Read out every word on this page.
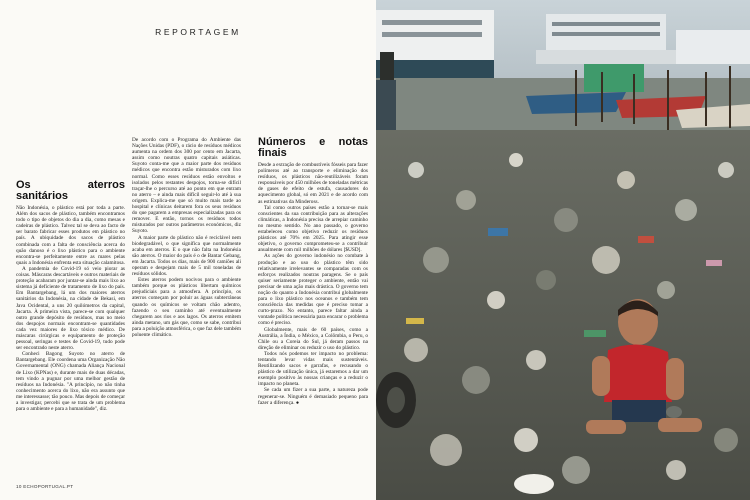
REPORTAGEM
Os aterros sanitários

Não Indonésia, o plástico está por toda a parte. Além dos sacos de plástico, também encontramos todo o tipo de objetos do dia a dia, como mesas e cadeiras de plástico. Talvez tal se deva ao facto de ser barato fabricar esses produtos em plástico no país. A ubiquidade dos sacos de plástico combinada com a falta de consciência acerca do quão danoso é o lixo plástico para o ambiente encontra-se perfeitamente entre as mares pelas quais a Indonésia enfrenta esta situação calamitosa.

A pandemia de Covid-19 só veio piorar as coisas. Máscaras descartáveis e outros materiais de proteção acabaram por juntar-se ainda mais lixo ao sistema já deficiente de tratamento de lixo do país. Em Bantargebang, lá um dos maiores aterros sanitários da Indonésia, na cidade de Bekasi, em Java Ocidental, a uns 20 quilómetros da capital, Jacarta. À primeira vista, parece-se com qualquer outro grande depósito de resíduos, mas no meio dos despojos normais encontram-se quantidades cada vez maiores de lixo tóxico médico. De máscaras cirúrgicas e equipamento de proteção pessoal, seringas e testes de Covid-19, tudo pode ser encontrado neste aterro.

Conheci Bagong Suyoto no aterro de Bantargebang. Ele coordena uma Organização Não Governamental (ONG) chamada Aliança Nacional de Lixo (KPNas) e, durante mais de duas décadas, tem vindo a pugnar por uma melhor gestão de resíduos na Indonésia. "A princípio, no não tinha conhecimento acerca do lixo, não era assunto que me interessasse; tão pouco. Mas depois de começar a investigar, percebi que se trata de um problema para o ambiente e para a humanidade", diz.

De acordo com o Programa do Ambiente das Nações Unidas (PDF), o rácio de resíduos médicos aumenta na ordem dos 300 por cento em Jacarta, assim como noutras quatro capitais asiáticas. Suyoto conta-me que a maior parte dos resíduos médicos que encontra estão misturados com lixo normal. Como esses resíduos estão envoltos e isolados pelos restantes despojos, torna-se difícil traçar-lhe o percurso até ao ponto em que entram no aterro – e ainda mais difícil seguir-lo até à sua origem. Explica-me que só muito mais tarde ao hospital e clínicas deitarem fora os seus resíduos do que pagarem a empresas especializadas para os remover. E então, tornos os resíduos todos misturados por outros parâmetros económicos, diz Suyoto.

A maior parte do plástico não é reciclável nem biodegradável, o que significa que normalmente acaba em aterros. E o que não falta na Indonésia são aterros. O maior do país é o de Bantar Gebang, em Jacarta. Todos os dias, mais de 900 camiões ali operam e despejam mais de 5 mil toneladas de resíduos sólidos.

Estes aterros podem nocivos para o ambiente também porque os plásticos libertam químicos prejudiciais para a atmosfera. A princípio, os aterros começam por poluir as águas subterrâneas quando os químicos se voltam chão adentro, fazendo o seu caminho até eventualmente chegarem aos rios e aos lagos. Os aterros emitem ainda metano, um gás que, como se sabe, contribui para a poluição atmosférica, o que faz dele também poluente climático.

Números e notas finais

Desde a extração de combustíveis fósseis para fazer polímeros até ao transporte e eliminação dos resíduos, os plásticos não-reutilizáveis foram responsáveis por 450 milhões de toneladas métricas de gases de efeito de estufa, causadores do aquecimento global, só em 2021 e de acordo com as estimativas da Mindeross.

Tal como outros países estão a tornar-se mais conscientes da sua contribuição para as alterações climáticas, a Indonésia precisa de arrepiar caminho no mesmo sentido. No ano passado, o governo estabeleceu como objetivo reduzir os resíduos plásticos até 70% em 2025. Para atingir esse objetivo, o governo comprometeu-se a contribuir anualmente com mil milhões de dólares [$USD].

As ações do governo indonésio no combate à produção e ao uso do plástico têm sido relativamente irrelevantes se comparadas com os esforços realizados noutras paragens. Se o país quiser seriamente proteger o ambiente, então vai precisar de uma ação mais drástica. O governo tem noção do quanto a Indonésia contribui globalmente para o lixo plástico nos oceanos e também tem consciência das medidas que é preciso tomar a curto-prazo. No entanto, parece faltar ainda a vontade política necessária para encarar o problema como é preciso.

Globalmente, mais de 60 países, como a Austrália, a Índia, o México, a Colômbia, o Peru, o Chile ou a Coreia do Sul, já deram passos na direção de eliminar ou reduzir o uso do plástico.

Todos nós podemos ter impacto no problema: tentando levar vidas mais sustentáveis. Reutilizando sacos e garrafas, e recusando o plástico de utilização única, já estaremos a dar um exemplo positivo às nossas crianças e a reduzir o impacto no planeta.

Se cada um fizer a sua parte, a natureza pode regenerar-se. Ninguém é demasiado pequeno para fazer a diferença. ●

10 ECHOPORTUGAL.PT
